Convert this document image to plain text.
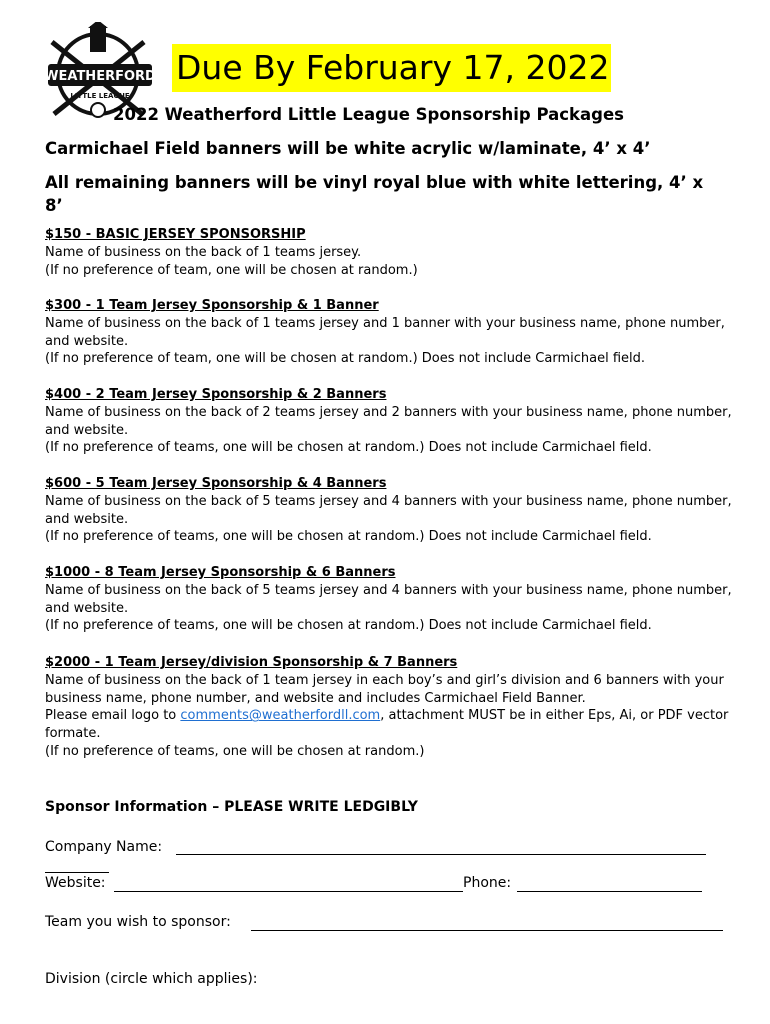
WEATHERFORD
LITTLE LEAGUE
Due By February 17, 2022
2022 Weatherford Little League Sponsorship Packages
Carmichael Field banners will be white acrylic w/laminate, 4’ x 4’
All remaining banners will be vinyl royal blue with white lettering, 4’ x 8’
$150 - BASIC JERSEY SPONSORSHIP

Name of business on the back of 1 teams jersey.

(If no preference of team, one will be chosen at random.)

$300 - 1 Team Jersey Sponsorship & 1 Banner

Name of business on the back of 1 teams jersey and 1 banner with your business name, phone number, and website.

(If no preference of team, one will be chosen at random.) Does not include Carmichael field.

$400 - 2 Team Jersey Sponsorship & 2 Banners

Name of business on the back of 2 teams jersey and 2 banners with your business name, phone number, and website.

(If no preference of teams, one will be chosen at random.) Does not include Carmichael field.

$600 - 5 Team Jersey Sponsorship & 4 Banners

Name of business on the back of 5 teams jersey and 4 banners with your business name, phone number, and website.

(If no preference of teams, one will be chosen at random.) Does not include Carmichael field.

$1000 - 8 Team Jersey Sponsorship & 6 Banners

Name of business on the back of 5 teams jersey and 4 banners with your business name, phone number, and website.

(If no preference of teams, one will be chosen at random.) Does not include Carmichael field.

$2000 - 1 Team Jersey/division Sponsorship & 7 Banners

Name of business on the back of 1 team jersey in each boy’s and girl’s division and 6 banners with your business name, phone number, and website and includes Carmichael Field Banner.

Please email logo to comments@weatherfordll.com, attachment MUST be in either Eps, Ai, or PDF vector formate.

(If no preference of teams, one will be chosen at random.)

Sponsor Information – PLEASE WRITE LEDGIBLY
Company Name:
Website:	Phone:
Team you wish to sponsor:
Division (circle which applies):
